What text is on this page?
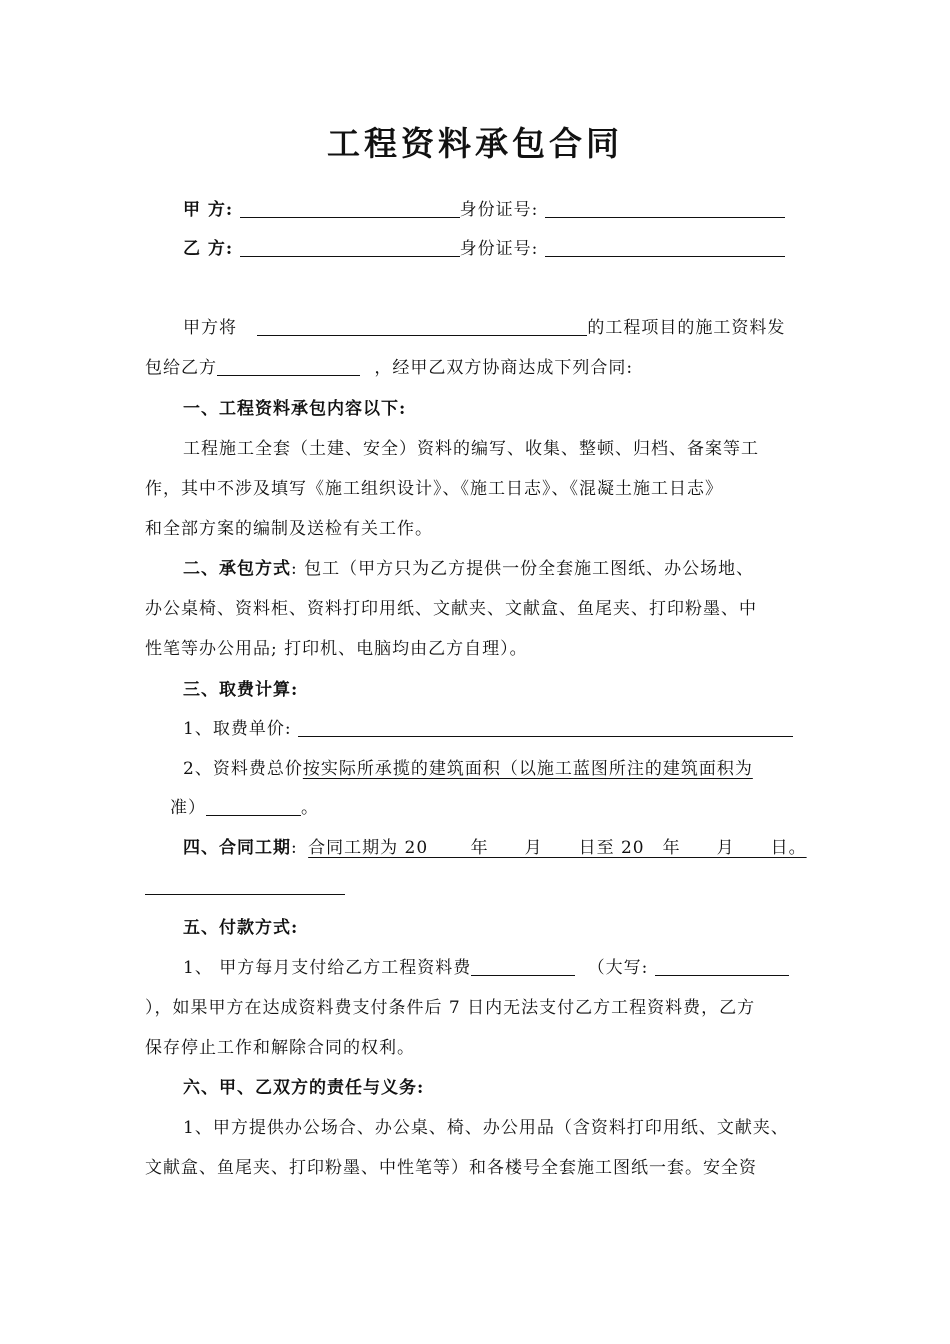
工程资料承包合同
甲 方:	身份证号:
乙 方:	身份证号:
甲方将	的工程项目的施工资料发
包给乙方	，经甲乙双方协商达成下列合同:
一、工程资料承包内容以下:
工程施工全套（土建、安全）资料的编写、收集、整顿、归档、备案等工
作，其中不涉及填写《施工组织设计》、《施工日志》、《混凝土施工日志》
和全部方案的编制及送检有关工作。
二、承包方式: 包工（甲方只为乙方提供一份全套施工图纸、办公场地、
办公桌椅、资料柜、资料打印用纸、文献夹、文献盒、鱼尾夹、打印粉墨、中
性笔等办公用品; 打印机、电脑均由乙方自理）。
三、取费计算:
1、取费单价:
2、资料费总价按实际所承揽的建筑面积（以施工蓝图所注的建筑面积为
准）	。
四、合同工期: 合同工期为 20　　 年　　月　　日至 20　年　　月　　日。
五、付款方式:
1、 甲方每月支付给乙方工程资料费	（大写:
），如果甲方在达成资料费支付条件后 7 日内无法支付乙方工程资料费，乙方
保存停止工作和解除合同的权利。
六、甲、乙双方的责任与义务:
1、甲方提供办公场合、办公桌、椅、办公用品（含资料打印用纸、文献夹、
文献盒、鱼尾夹、打印粉墨、中性笔等）和各楼号全套施工图纸一套。安全资
